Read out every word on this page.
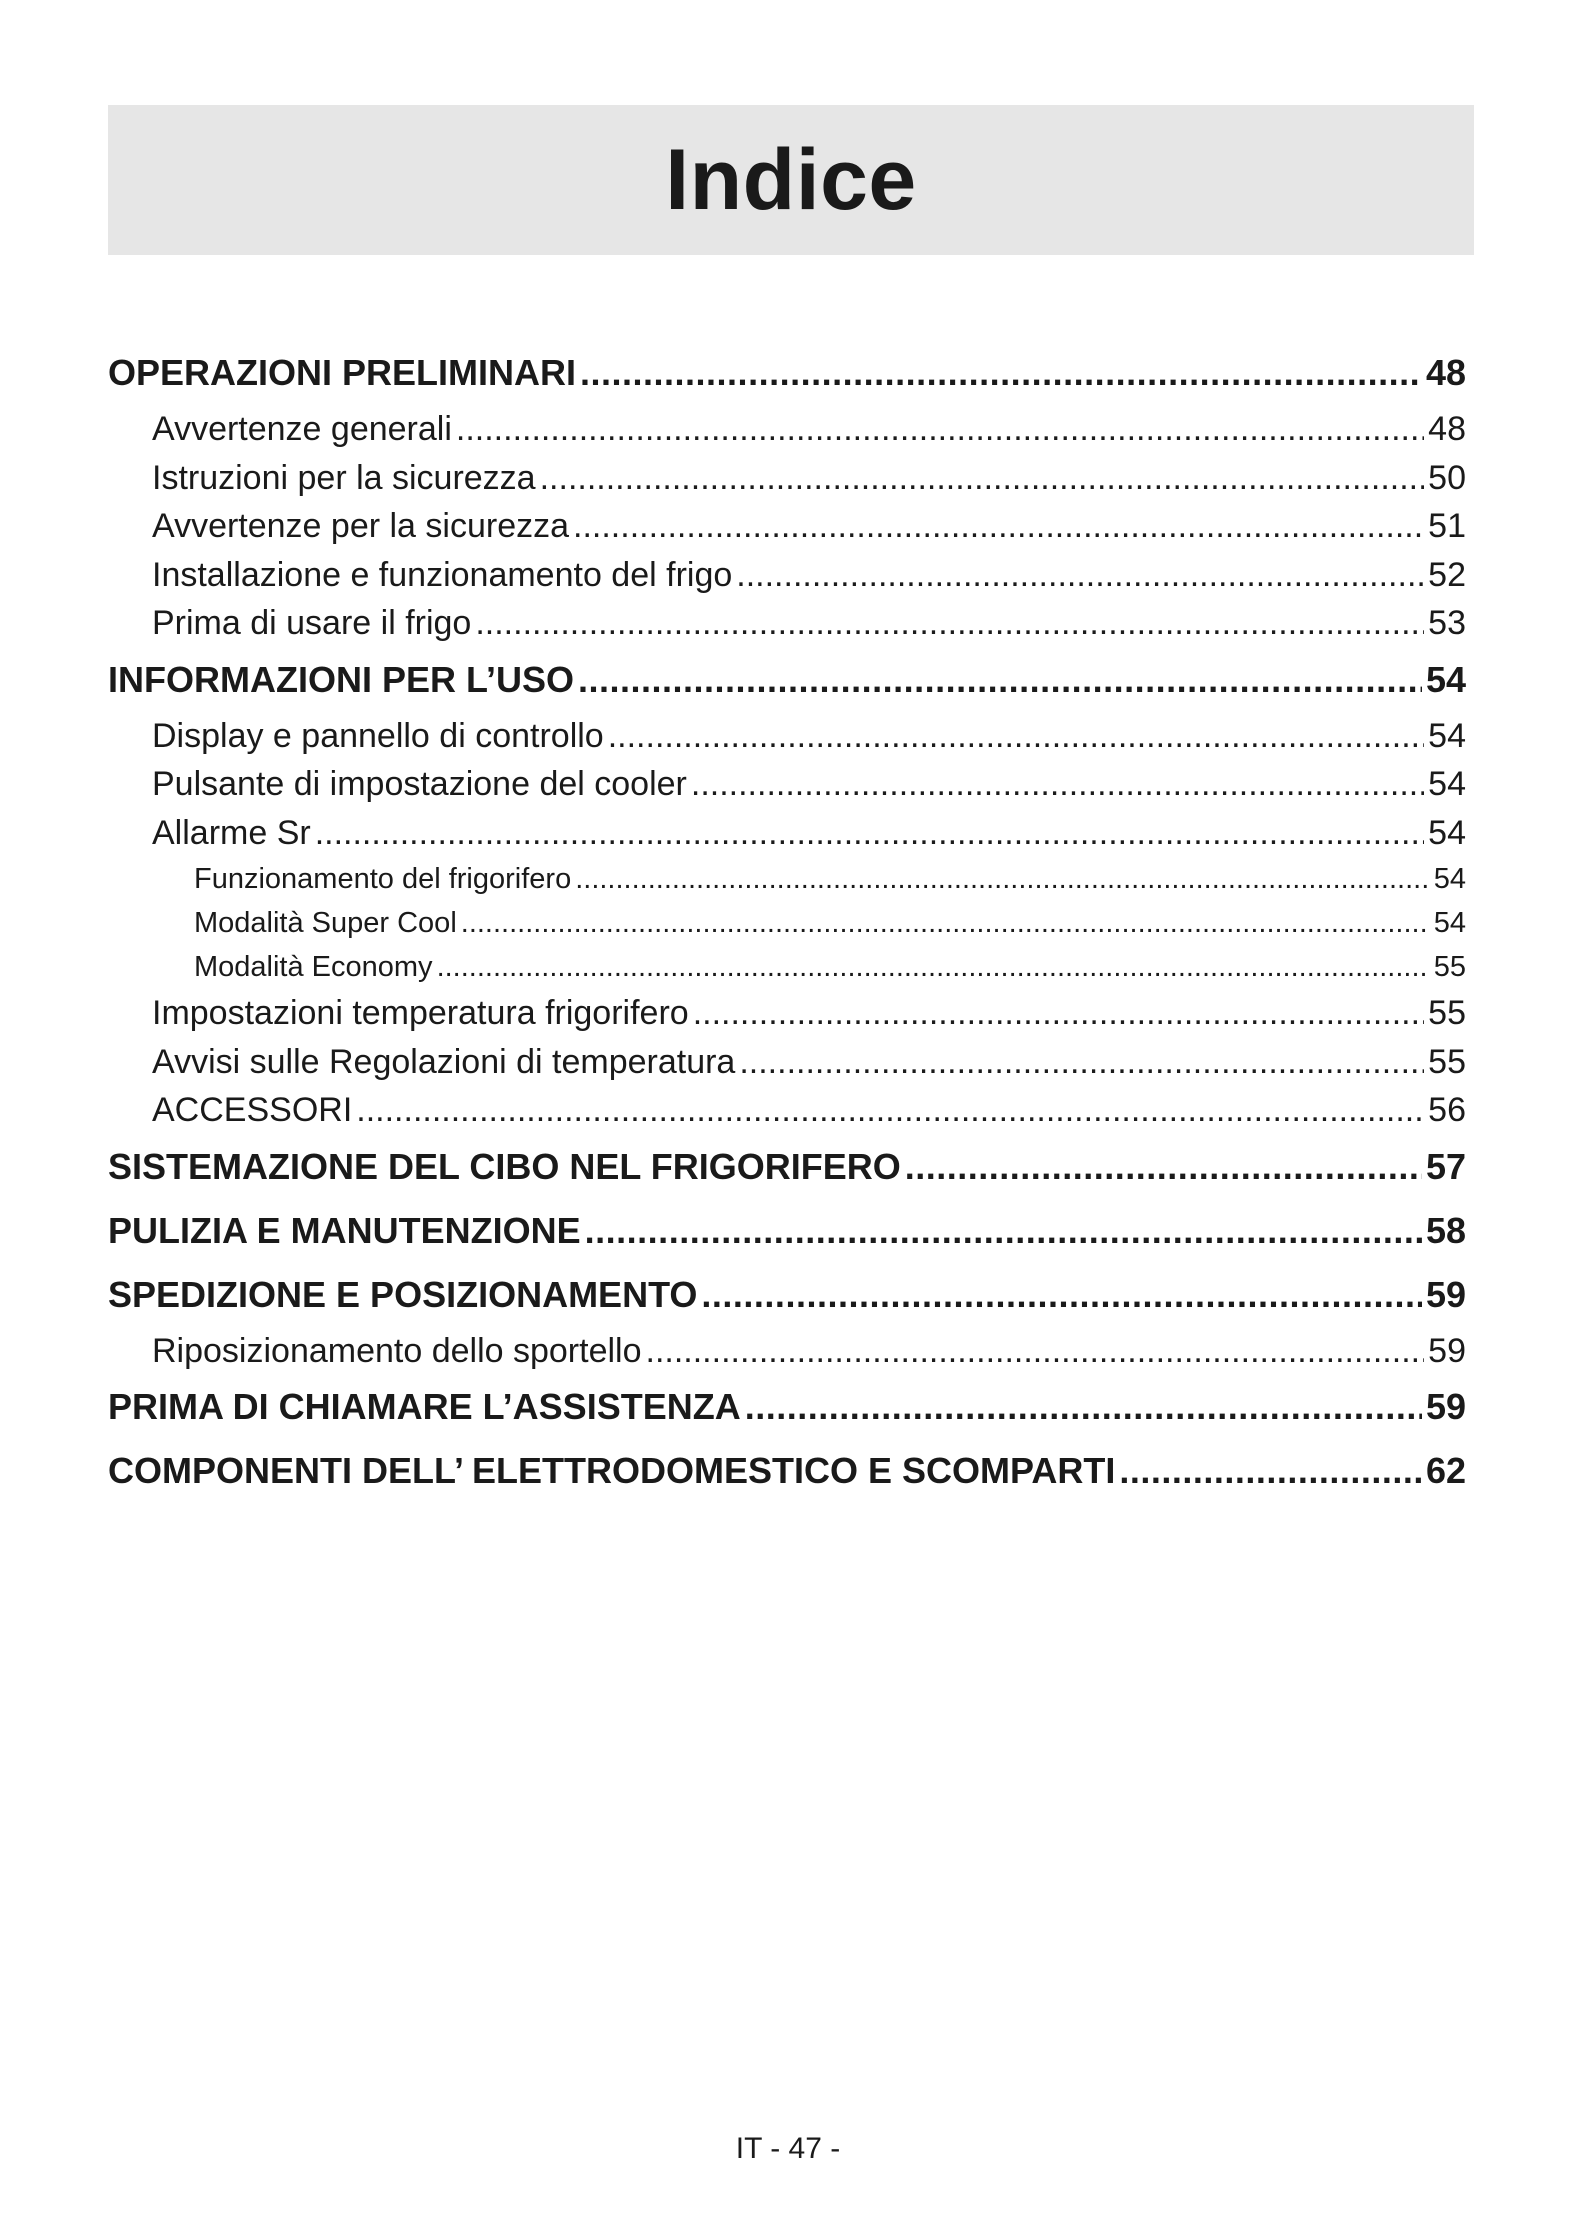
Indice
OPERAZIONI PRELIMINARI .....	48
Avvertenze generali .....	48
Istruzioni per la sicurezza .....	50
Avvertenze per la sicurezza .....	51
Installazione e funzionamento del frigo .....	52
Prima di usare il frigo .....	53
INFORMAZIONI PER L’USO .....	54
Display e pannello di controllo .....	54
Pulsante di impostazione del cooler .....	54
Allarme Sr .....	54
Funzionamento del frigorifero .....	54
Modalità Super Cool .....	54
Modalità Economy .....	55
Impostazioni temperatura frigorifero .....	55
Avvisi sulle Regolazioni di temperatura .....	55
ACCESSORI .....	56
SISTEMAZIONE DEL CIBO NEL FRIGORIFERO .....	57
PULIZIA E MANUTENZIONE .....	58
SPEDIZIONE E POSIZIONAMENTO .....	59
Riposizionamento dello sportello .....	59
PRIMA DI CHIAMARE L’ASSISTENZA .....	59
COMPONENTI DELL’ ELETTRODOMESTICO E SCOMPARTI .....	62
IT - 47 -
